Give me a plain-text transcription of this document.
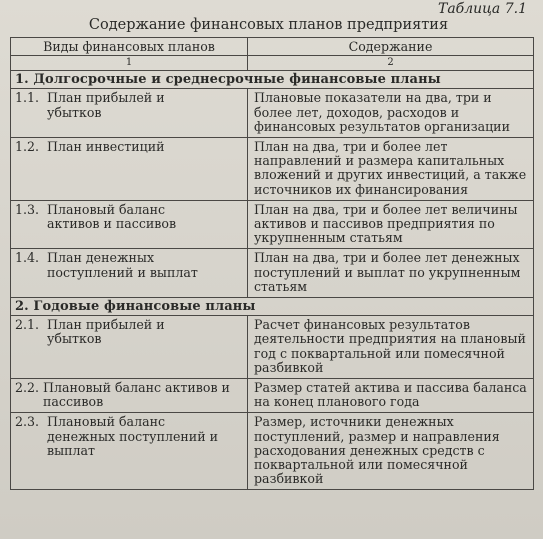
Таблица 7.1
Содержание финансовых планов предприятия
Виды финансовых планов	Содержание
1	2
1. Долгосрочные и среднесрочные финансовые планы	

1.1. План прибылей и убытков	Плановые показатели на два, три и более лет, доходов, расходов и финансовых результатов организации

1.2. План инвестиций	План на два, три и более лет направлений и размера капитальных вложений и других инвестиций, а также источников их финансирования

1.3. Плановый баланс активов и пассивов	План на два, три и более лет величины активов и пассивов предприятия по укрупненным статьям

1.4. План денежных поступлений и выплат	План на два, три и более лет денежных поступлений и выплат по укрупненным статьям
2. Годовые финансовые планы	

2.1. План прибылей и убытков	Расчет финансовых результатов деятельности предприятия на плановый год с поквартальной или помесячной разбивкой

2.2. Плановый баланс активов и пассивов	Размер статей актива и пассива баланса на конец планового года

2.3. Плановый баланс денежных поступлений и выплат	Размер, источники денежных поступлений, размер и направления расходования денежных средств с поквартальной или помесячной разбивкой
